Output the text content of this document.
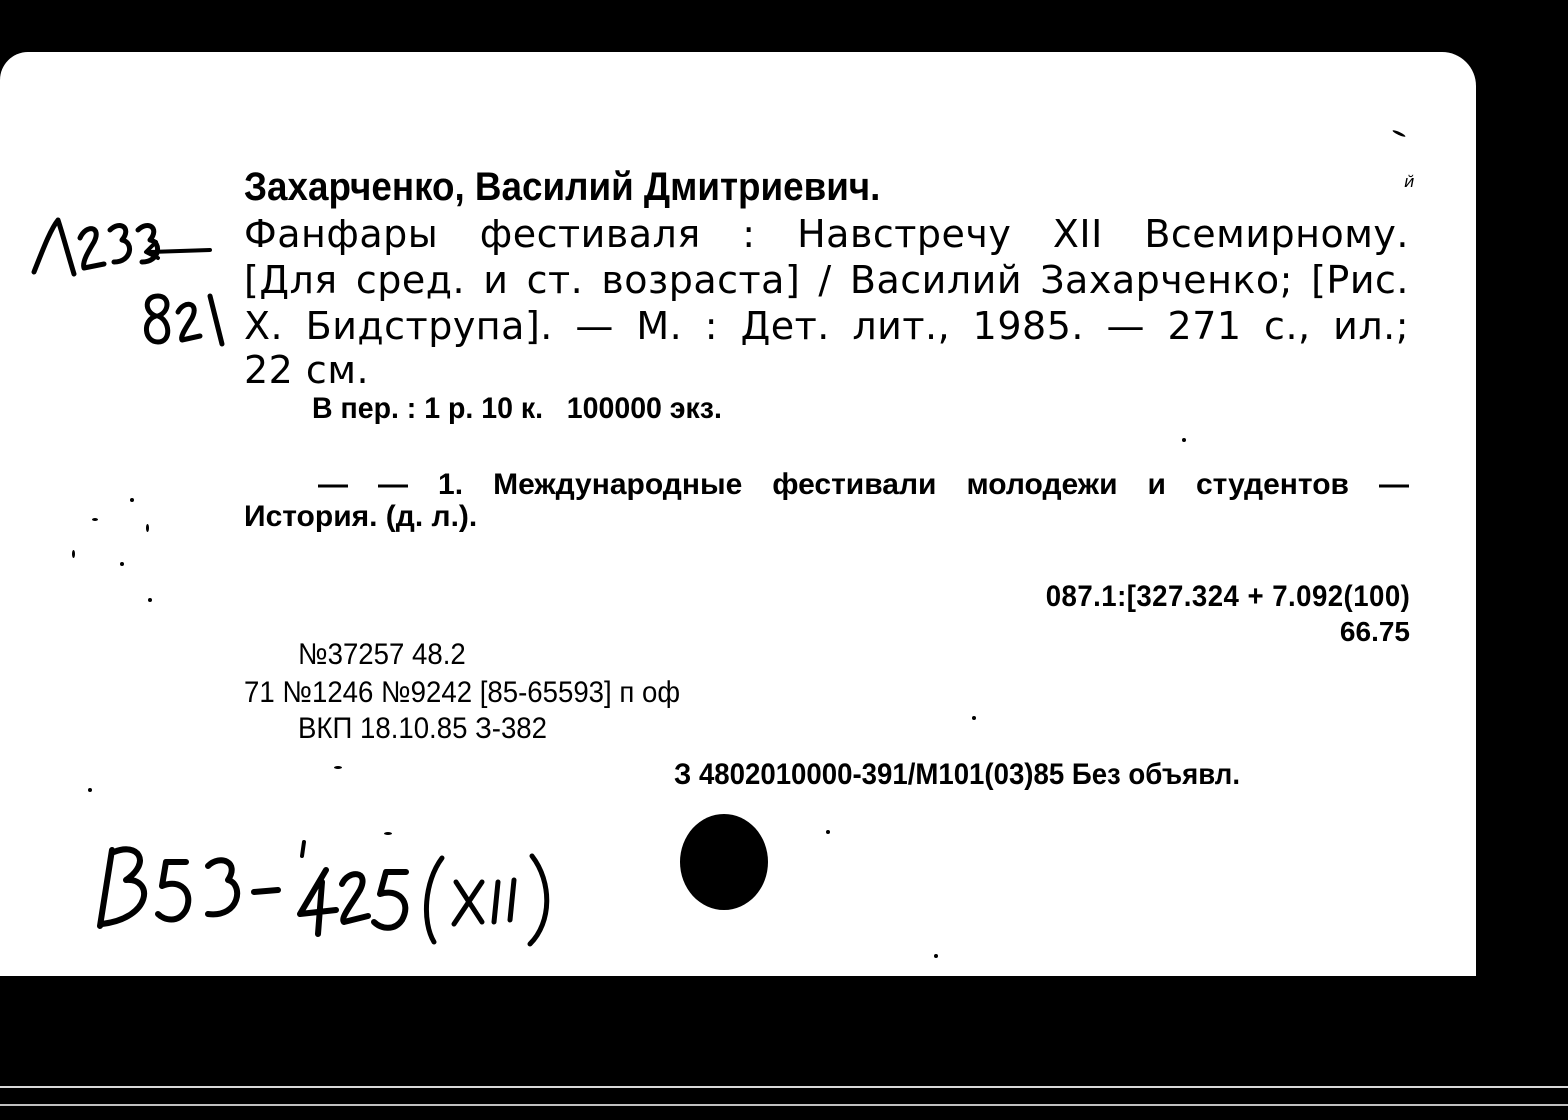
Захарченко, Василий Дмитриевич.
Фанфары фестиваля : Навстречу XII Всемирному.
[Для сред. и ст. возраста] / Василий Захарченко; [Рис.
Х. Бидструпа]. — М. : Дет. лит., 1985. — 271 с., ил.;
22 см.
В пер. : 1 р. 10 к.   100000 экз.
— — 1. Международные фестивали молодежи и студентов —
История. (д. л.).
087.1:[327.324 + 7.092(100)
66.75
№37257 48.2
71 №1246 №9242 [85-65593] п оф
ВКП 18.10.85 З-382
З 4802010000-391/М101(03)85 Без объявл.
й
